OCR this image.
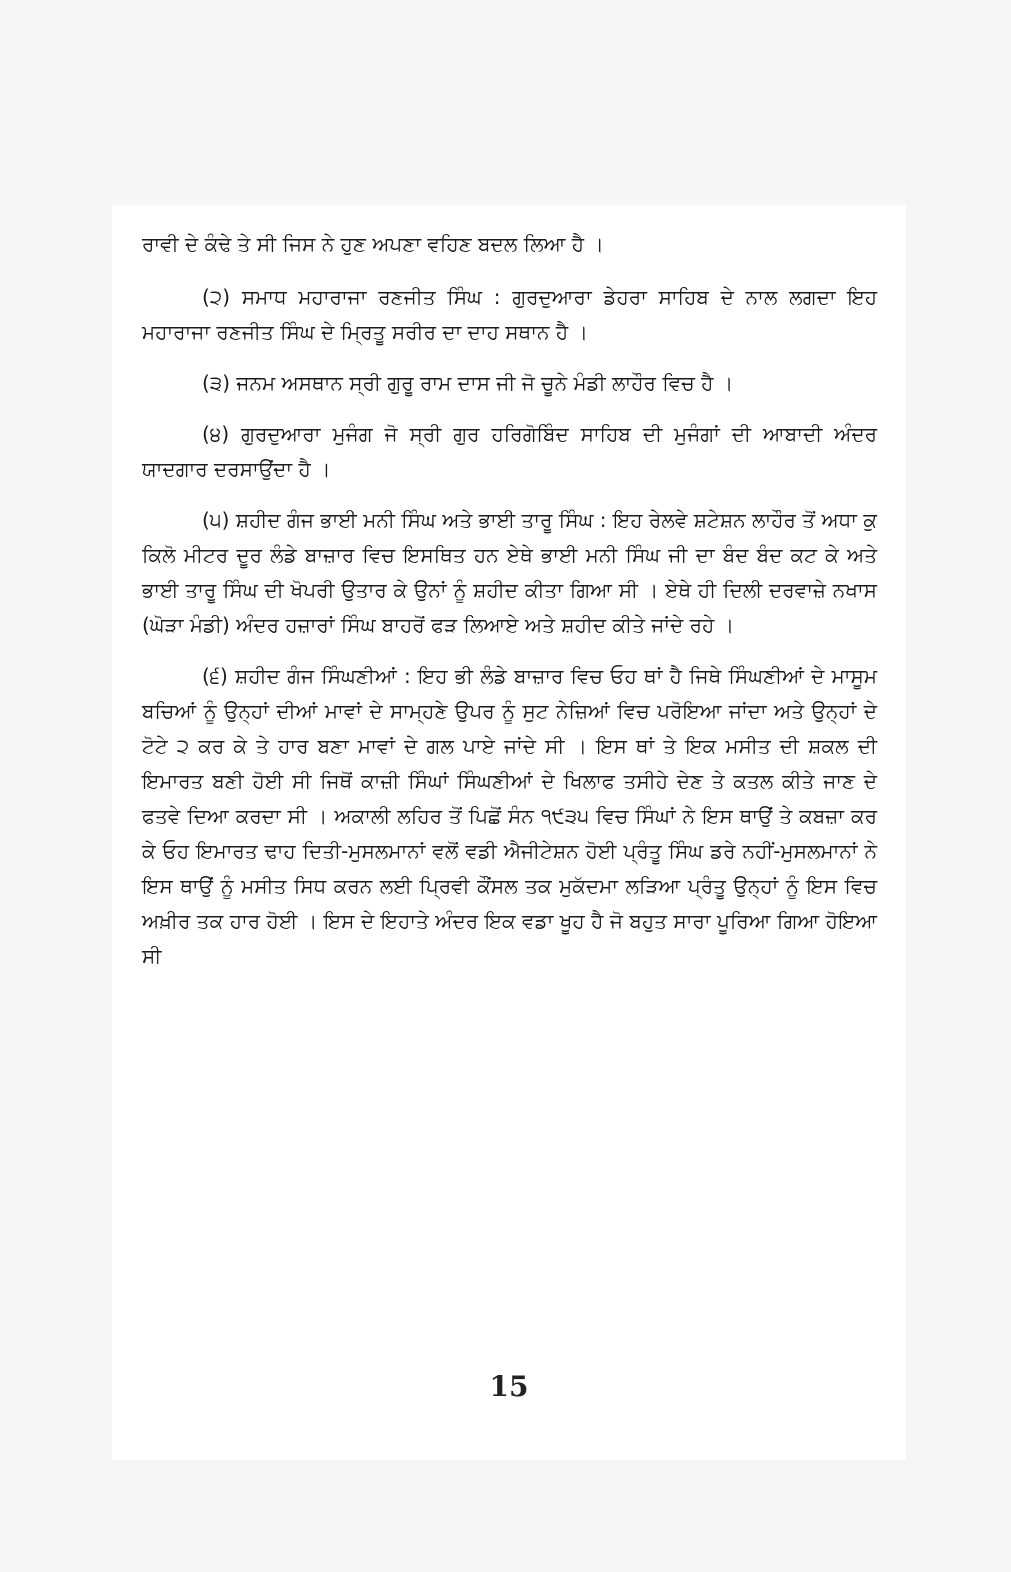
ਰਾਵੀ ਦੇ ਕੰਢੇ ਤੇ ਸੀ ਜਿਸ ਨੇ ਹੁਣ ਅਪਣਾ ਵਹਿਣ ਬਦਲ ਲਿਆ ਹੈ ।

(੨) ਸਮਾਧ ਮਹਾਰਾਜਾ ਰਣਜੀਤ ਸਿੰਘ : ਗੁਰਦੁਆਰਾ ਡੇਹਰਾ ਸਾਹਿਬ ਦੇ ਨਾਲ ਲਗਦਾ ਇਹ ਮਹਾਰਾਜਾ ਰਣਜੀਤ ਸਿੰਘ ਦੇ ਮ੍ਰਿਤੂ ਸਰੀਰ ਦਾ ਦਾਹ ਸਥਾਨ ਹੈ ।

(੩) ਜਨਮ ਅਸਥਾਨ ਸ੍ਰੀ ਗੁਰੂ ਰਾਮ ਦਾਸ ਜੀ ਜੋ ਚੂਨੇ ਮੰਡੀ ਲਾਹੌਰ ਵਿਚ ਹੈ ।

(੪) ਗੁਰਦੁਆਰਾ ਮੁਜੰਗ ਜੋ ਸ੍ਰੀ ਗੁਰ ਹਰਿਗੋਬਿੰਦ ਸਾਹਿਬ ਦੀ ਮੁਜੰਗਾਂ ਦੀ ਆਬਾਦੀ ਅੰਦਰ ਯਾਦਗਾਰ ਦਰਸਾਉਂਦਾ ਹੈ ।

(੫) ਸ਼ਹੀਦ ਗੰਜ ਭਾਈ ਮਨੀ ਸਿੰਘ ਅਤੇ ਭਾਈ ਤਾਰੂ ਸਿੰਘ : ਇਹ ਰੇਲਵੇ ਸ਼ਟੇਸ਼ਨ ਲਾਹੌਰ ਤੋਂ ਅਧਾ ਕੁ ਕਿਲੋ ਮੀਟਰ ਦੂਰ ਲੰਡੇ ਬਾਜ਼ਾਰ ਵਿਚ ਇਸਥਿਤ ਹਨ ਏਥੇ ਭਾਈ ਮਨੀ ਸਿੰਘ ਜੀ ਦਾ ਬੰਦ ਬੰਦ ਕਟ ਕੇ ਅਤੇ ਭਾਈ ਤਾਰੂ ਸਿੰਘ ਦੀ ਖੋਪਰੀ ਉਤਾਰ ਕੇ ਉਨਾਂ ਨੂੰ ਸ਼ਹੀਦ ਕੀਤਾ ਗਿਆ ਸੀ । ਏਥੇ ਹੀ ਦਿਲੀ ਦਰਵਾਜ਼ੇ ਨਖਾਸ (ਘੋੜਾ ਮੰਡੀ) ਅੰਦਰ ਹਜ਼ਾਰਾਂ ਸਿੰਘ ਬਾਹਰੋਂ ਫੜ ਲਿਆਏ ਅਤੇ ਸ਼ਹੀਦ ਕੀਤੇ ਜਾਂਦੇ ਰਹੇ ।

(੬) ਸ਼ਹੀਦ ਗੰਜ ਸਿੰਘਣੀਆਂ : ਇਹ ਭੀ ਲੰਡੇ ਬਾਜ਼ਾਰ ਵਿਚ ਓਹ ਥਾਂ ਹੈ ਜਿਥੇ ਸਿੰਘਣੀਆਂ ਦੇ ਮਾਸੂਮ ਬਚਿਆਂ ਨੂੰ ਉਨ੍ਹਾਂ ਦੀਆਂ ਮਾਵਾਂ ਦੇ ਸਾਮ੍ਹਣੇ ਉਪਰ ਨੂੰ ਸੁਟ ਨੇਜ਼ਿਆਂ ਵਿਚ ਪਰੋਇਆ ਜਾਂਦਾ ਅਤੇ ਉਨ੍ਹਾਂ ਦੇ ਟੋਟੇ ੨ ਕਰ ਕੇ ਤੇ ਹਾਰ ਬਣਾ ਮਾਵਾਂ ਦੇ ਗਲ ਪਾਏ ਜਾਂਦੇ ਸੀ । ਇਸ ਥਾਂ ਤੇ ਇਕ ਮਸੀਤ ਦੀ ਸ਼ਕਲ ਦੀ ਇਮਾਰਤ ਬਣੀ ਹੋਈ ਸੀ ਜਿਥੋਂ ਕਾਜ਼ੀ ਸਿੰਘਾਂ ਸਿੰਘਣੀਆਂ ਦੇ ਖਿਲਾਫ ਤਸੀਹੇ ਦੇਣ ਤੇ ਕਤਲ ਕੀਤੇ ਜਾਣ ਦੇ ਫਤਵੇ ਦਿਆ ਕਰਦਾ ਸੀ । ਅਕਾਲੀ ਲਹਿਰ ਤੋਂ ਪਿਛੋਂ ਸੰਨ ੧੯੩੫ ਵਿਚ ਸਿੰਘਾਂ ਨੇ ਇਸ ਥਾਉਂ ਤੇ ਕਬਜ਼ਾ ਕਰ ਕੇ ਓਹ ਇਮਾਰਤ ਢਾਹ ਦਿਤੀ-ਮੁਸਲਮਾਨਾਂ ਵਲੋਂ ਵਡੀ ਐਜੀਟੇਸ਼ਨ ਹੋਈ ਪ੍ਰੰਤੂ ਸਿੰਘ ਡਰੇ ਨਹੀਂ-ਮੁਸਲਮਾਨਾਂ ਨੇ ਇਸ ਥਾਉਂ ਨੂੰ ਮਸੀਤ ਸਿਧ ਕਰਨ ਲਈ ਪ੍ਰਿਵੀ ਕੌਂਸਲ ਤਕ ਮੁਕੱਦਮਾ ਲੜਿਆ ਪ੍ਰੰਤੂ ਉਨ੍ਹਾਂ ਨੂੰ ਇਸ ਵਿਚ ਅਖ਼ੀਰ ਤਕ ਹਾਰ ਹੋਈ । ਇਸ ਦੇ ਇਹਾਤੇ ਅੰਦਰ ਇਕ ਵਡਾ ਖੂਹ ਹੈ ਜੋ ਬਹੁਤ ਸਾਰਾ ਪੂਰਿਆ ਗਿਆ ਹੋਇਆ ਸੀ

15
